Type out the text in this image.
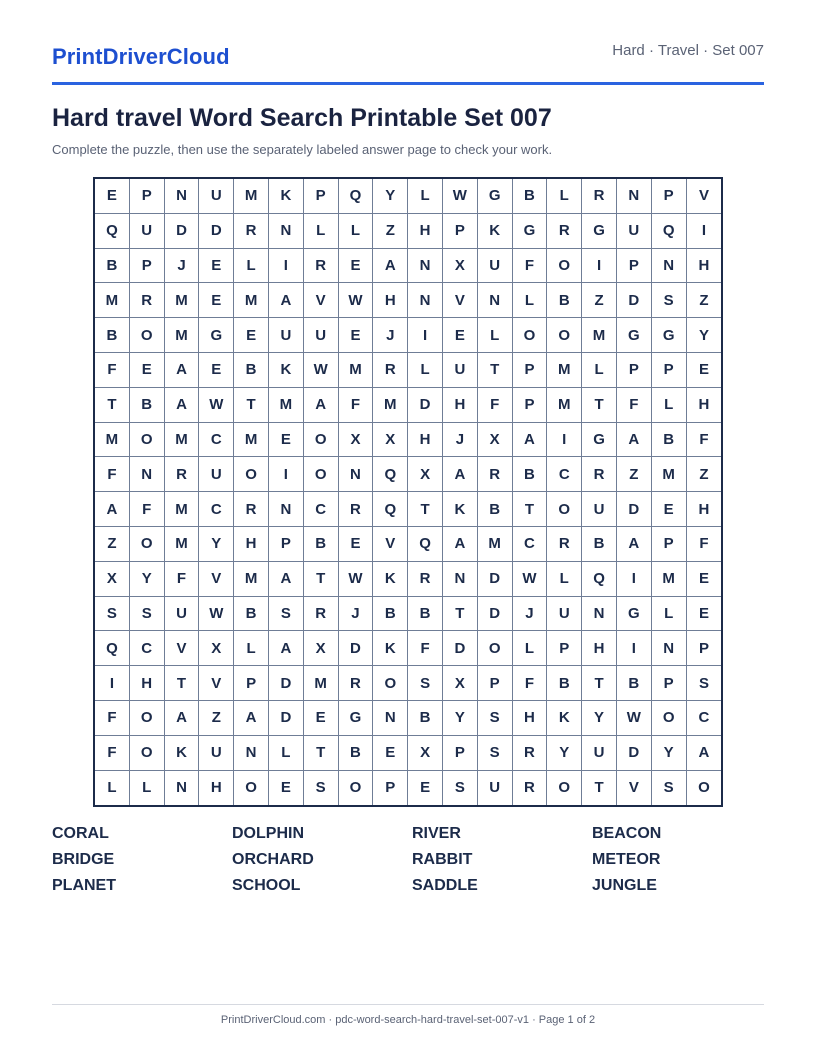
PrintDriverCloud	Hard · Travel · Set 007
Hard travel Word Search Printable Set 007
Complete the puzzle, then use the separately labeled answer page to check your work.
E	P	N	U	M	K	P	Q	Y	L	W	G	B	L	R	N	P	V
Q	U	D	D	R	N	L	L	Z	H	P	K	G	R	G	U	Q	I
B	P	J	E	L	I	R	E	A	N	X	U	F	O	I	P	N	H
M	R	M	E	M	A	V	W	H	N	V	N	L	B	Z	D	S	Z
B	O	M	G	E	U	U	E	J	I	E	L	O	O	M	G	G	Y
F	E	A	E	B	K	W	M	R	L	U	T	P	M	L	P	P	E
T	B	A	W	T	M	A	F	M	D	H	F	P	M	T	F	L	H
M	O	M	C	M	E	O	X	X	H	J	X	A	I	G	A	B	F
F	N	R	U	O	I	O	N	Q	X	A	R	B	C	R	Z	M	Z
A	F	M	C	R	N	C	R	Q	T	K	B	T	O	U	D	E	H
Z	O	M	Y	H	P	B	E	V	Q	A	M	C	R	B	A	P	F
X	Y	F	V	M	A	T	W	K	R	N	D	W	L	Q	I	M	E
S	S	U	W	B	S	R	J	B	B	T	D	J	U	N	G	L	E
Q	C	V	X	L	A	X	D	K	F	D	O	L	P	H	I	N	P
I	H	T	V	P	D	M	R	O	S	X	P	F	B	T	B	P	S
F	O	A	Z	A	D	E	G	N	B	Y	S	H	K	Y	W	O	C
F	O	K	U	N	L	T	B	E	X	P	S	R	Y	U	D	Y	A
L	L	N	H	O	E	S	O	P	E	S	U	R	O	T	V	S	O
CORAL	DOLPHIN	RIVER	BEACON
BRIDGE	ORCHARD	RABBIT	METEOR
PLANET	SCHOOL	SADDLE	JUNGLE
PrintDriverCloud.com · pdc-word-search-hard-travel-set-007-v1 · Page 1 of 2
